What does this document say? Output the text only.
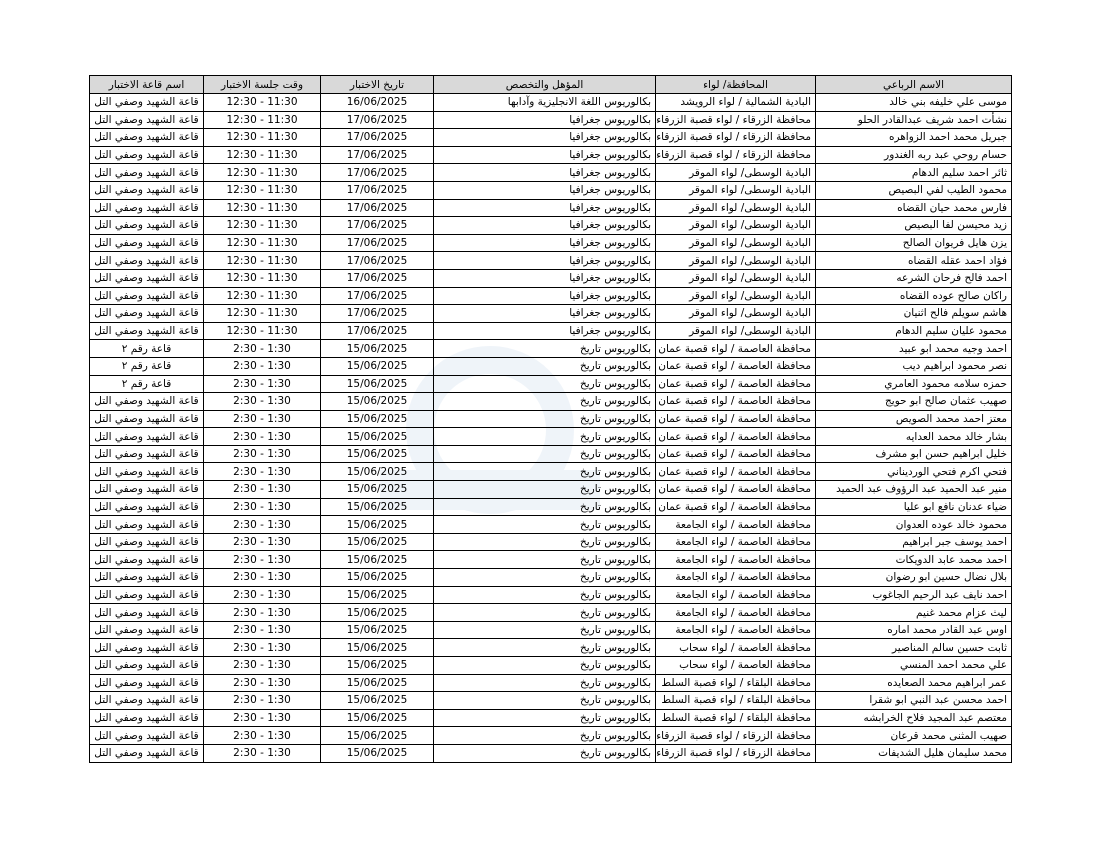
الاسم الرباعي	المحافظة/ لواء	المؤهل والتخصص	تاريخ الاختبار	وقت جلسة الاختبار	اسم قاعة الاختبار
موسى علي خليفه بني خالد	البادية الشمالية / لواء الرويشد	بكالوريوس اللغة الانجليزية وآدابها	16/06/2025	11:30 - 12:30	قاعة الشهيد وصفي التل
نشأت احمد شريف عبدالقادر الحلو	محافظة الزرقاء / لواء قصبة الزرقاء	بكالوريوس جغرافيا	17/06/2025	11:30 - 12:30	قاعة الشهيد وصفي التل
جبريل محمد احمد الزواهره	محافظة الزرقاء / لواء قصبة الزرقاء	بكالوريوس جغرافيا	17/06/2025	11:30 - 12:30	قاعة الشهيد وصفي التل
حسام روحي عبد ربه الغندور	محافظة الزرقاء / لواء قصبة الزرقاء	بكالوريوس جغرافيا	17/06/2025	11:30 - 12:30	قاعة الشهيد وصفي التل
ثائر احمد سليم الدهام	البادية الوسطى/ لواء الموقر	بكالوريوس جغرافيا	17/06/2025	11:30 - 12:30	قاعة الشهيد وصفي التل
محمود الطيب لفي البصيص	البادية الوسطى/ لواء الموقر	بكالوريوس جغرافيا	17/06/2025	11:30 - 12:30	قاعة الشهيد وصفي التل
فارس محمد حيان القضاه	البادية الوسطى/ لواء الموقر	بكالوريوس جغرافيا	17/06/2025	11:30 - 12:30	قاعة الشهيد وصفي التل
زيد محيسن لفا البصيص	البادية الوسطى/ لواء الموقر	بكالوريوس جغرافيا	17/06/2025	11:30 - 12:30	قاعة الشهيد وصفي التل
يزن هايل فريوان الصالح	البادية الوسطى/ لواء الموقر	بكالوريوس جغرافيا	17/06/2025	11:30 - 12:30	قاعة الشهيد وصفي التل
فؤاد احمد عقله القضاه	البادية الوسطى/ لواء الموقر	بكالوريوس جغرافيا	17/06/2025	11:30 - 12:30	قاعة الشهيد وصفي التل
احمد فالح فرحان الشرعه	البادية الوسطى/ لواء الموقر	بكالوريوس جغرافيا	17/06/2025	11:30 - 12:30	قاعة الشهيد وصفي التل
راكان صالح عوده القضاه	البادية الوسطى/ لواء الموقر	بكالوريوس جغرافيا	17/06/2025	11:30 - 12:30	قاعة الشهيد وصفي التل
هاشم سويلم فالح اثنيان	البادية الوسطى/ لواء الموقر	بكالوريوس جغرافيا	17/06/2025	11:30 - 12:30	قاعة الشهيد وصفي التل
محمود عليان سليم الدهام	البادية الوسطى/ لواء الموقر	بكالوريوس جغرافيا	17/06/2025	11:30 - 12:30	قاعة الشهيد وصفي التل
احمد وجيه محمد ابو عبيد	محافظة العاصمة / لواء قصبة عمان	بكالوريوس تاريخ	15/06/2025	1:30 - 2:30	قاعة رقم ٢
نصر محمود ابراهيم ديب	محافظة العاصمة / لواء قصبة عمان	بكالوريوس تاريخ	15/06/2025	1:30 - 2:30	قاعة رقم ٢
حمزه سلامه محمود العامري	محافظة العاصمة / لواء قصبة عمان	بكالوريوس تاريخ	15/06/2025	1:30 - 2:30	قاعة رقم ٢
صهيب عثمان صالح ابو حويج	محافظة العاصمة / لواء قصبة عمان	بكالوريوس تاريخ	15/06/2025	1:30 - 2:30	قاعة الشهيد وصفي التل
معتز احمد محمد الصويص	محافظة العاصمة / لواء قصبة عمان	بكالوريوس تاريخ	15/06/2025	1:30 - 2:30	قاعة الشهيد وصفي التل
بشار خالد محمد العدايه	محافظة العاصمة / لواء قصبة عمان	بكالوريوس تاريخ	15/06/2025	1:30 - 2:30	قاعة الشهيد وصفي التل
خليل ابراهيم حسن ابو مشرف	محافظة العاصمة / لواء قصبة عمان	بكالوريوس تاريخ	15/06/2025	1:30 - 2:30	قاعة الشهيد وصفي التل
فتحي اكرم فتحي الورديناني	محافظة العاصمة / لواء قصبة عمان	بكالوريوس تاريخ	15/06/2025	1:30 - 2:30	قاعة الشهيد وصفي التل
منير عبد الحميد عبد الرؤوف عبد الحميد	محافظة العاصمة / لواء قصبة عمان	بكالوريوس تاريخ	15/06/2025	1:30 - 2:30	قاعة الشهيد وصفي التل
ضياء عدنان نافع ابو عليا	محافظة العاصمة / لواء قصبة عمان	بكالوريوس تاريخ	15/06/2025	1:30 - 2:30	قاعة الشهيد وصفي التل
محمود خالد عوده العدوان	محافظة العاصمة / لواء الجامعة	بكالوريوس تاريخ	15/06/2025	1:30 - 2:30	قاعة الشهيد وصفي التل
احمد يوسف جبر ابراهيم	محافظة العاصمة / لواء الجامعة	بكالوريوس تاريخ	15/06/2025	1:30 - 2:30	قاعة الشهيد وصفي التل
احمد محمد عابد الدويكات	محافظة العاصمة / لواء الجامعة	بكالوريوس تاريخ	15/06/2025	1:30 - 2:30	قاعة الشهيد وصفي التل
بلال نضال حسين ابو رضوان	محافظة العاصمة / لواء الجامعة	بكالوريوس تاريخ	15/06/2025	1:30 - 2:30	قاعة الشهيد وصفي التل
احمد نايف عبد الرحيم الجاغوب	محافظة العاصمة / لواء الجامعة	بكالوريوس تاريخ	15/06/2025	1:30 - 2:30	قاعة الشهيد وصفي التل
ليث عزام محمد غنيم	محافظة العاصمة / لواء الجامعة	بكالوريوس تاريخ	15/06/2025	1:30 - 2:30	قاعة الشهيد وصفي التل
اوس عبد القادر محمد اماره	محافظة العاصمة / لواء الجامعة	بكالوريوس تاريخ	15/06/2025	1:30 - 2:30	قاعة الشهيد وصفي التل
ثابت حسين سالم المناصير	محافظة العاصمة / لواء سحاب	بكالوريوس تاريخ	15/06/2025	1:30 - 2:30	قاعة الشهيد وصفي التل
علي محمد احمد المنسي	محافظة العاصمة / لواء سحاب	بكالوريوس تاريخ	15/06/2025	1:30 - 2:30	قاعة الشهيد وصفي التل
عمر ابراهيم محمد الصعايده	محافظة البلقاء / لواء قصبة السلط	بكالوريوس تاريخ	15/06/2025	1:30 - 2:30	قاعة الشهيد وصفي التل
احمد محسن عبد النبي ابو شقرا	محافظة البلقاء / لواء قصبة السلط	بكالوريوس تاريخ	15/06/2025	1:30 - 2:30	قاعة الشهيد وصفي التل
معتصم عبد المجيد فلاح الخرابشه	محافظة البلقاء / لواء قصبة السلط	بكالوريوس تاريخ	15/06/2025	1:30 - 2:30	قاعة الشهيد وصفي التل
صهيب المثنى محمد قرعان	محافظة الزرقاء / لواء قصبة الزرقاء	بكالوريوس تاريخ	15/06/2025	1:30 - 2:30	قاعة الشهيد وصفي التل
محمد سليمان هليل الشديفات	محافظة الزرقاء / لواء قصبة الزرقاء	بكالوريوس تاريخ	15/06/2025	1:30 - 2:30	قاعة الشهيد وصفي التل
